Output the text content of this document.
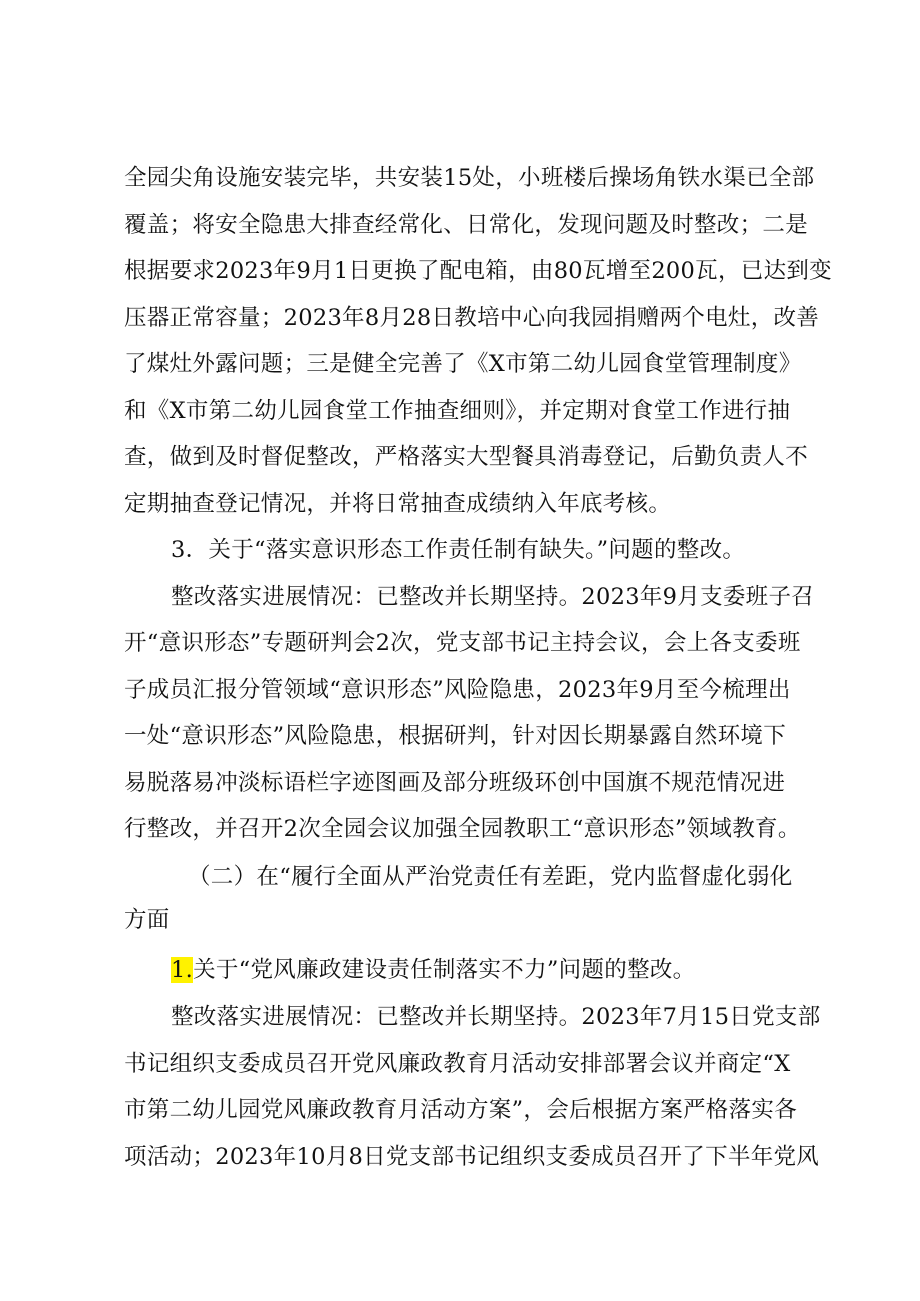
全园尖角设施安装完毕，共安装15处，小班楼后操场角铁水渠已全部
覆盖；将安全隐患大排查经常化、日常化，发现问题及时整改；二是
根据要求2023年9月1日更换了配电箱，由80瓦增至200瓦，已达到变
压器正常容量；2023年8月28日教培中心向我园捐赠两个电灶，改善
了煤灶外露问题；三是健全完善了《X市第二幼儿园食堂管理制度》
和《X市第二幼儿园食堂工作抽查细则》，并定期对食堂工作进行抽
查，做到及时督促整改，严格落实大型餐具消毒登记，后勤负责人不
定期抽查登记情况，并将日常抽查成绩纳入年底考核。
3．关于“落实意识形态工作责任制有缺失。”问题的整改。
整改落实进展情况：已整改并长期坚持。2023年9月支委班子召
开“意识形态”专题研判会2次，党支部书记主持会议，会上各支委班
子成员汇报分管领域“意识形态”风险隐患，2023年9月至今梳理出
一处“意识形态”风险隐患，根据研判，针对因长期暴露自然环境下
易脱落易冲淡标语栏字迹图画及部分班级环创中国旗不规范情况进
行整改，并召开2次全园会议加强全园教职工“意识形态”领域教育。
（二）在“履行全面从严治党责任有差距，党内监督虚化弱化
方面
1.关于“党风廉政建设责任制落实不力”问题的整改。
整改落实进展情况：已整改并长期坚持。2023年7月15日党支部
书记组织支委成员召开党风廉政教育月活动安排部署会议并商定“X
市第二幼儿园党风廉政教育月活动方案”，会后根据方案严格落实各
项活动；2023年10月8日党支部书记组织支委成员召开了下半年党风
